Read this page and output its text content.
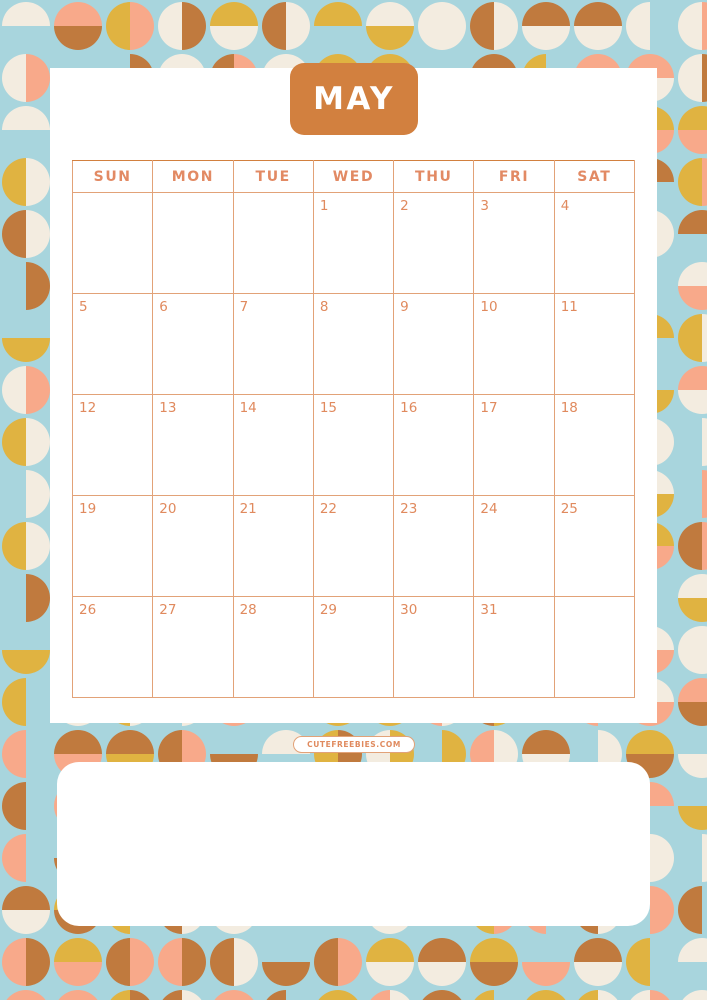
MAY
SUN	MON	TUE	WED	THU	FRI	SAT
			1	2	3	4
5	6	7	8	9	10	11
12	13	14	15	16	17	18
19	20	21	22	23	24	25
26	27	28	29	30	31	
CUTEFREEBIES.COM
